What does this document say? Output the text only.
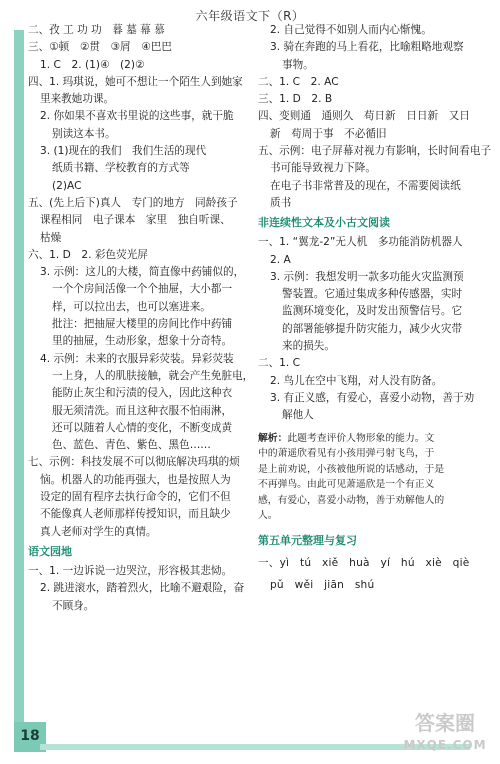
六年级语文下（R）
二、孜 工 功 功　暮 墓 幕 慕
三、①顿　②贯　③屑　④巴巴
1. C　2. (1)④　(2)②
四、1. 玛琪说，她可不想让一个陌生人到她家
里来教她功课。
2. 你如果不喜欢书里说的这些事，就干脆
别读这本书。
3. (1)现在的我们　我们生活的现代
纸质书籍、学校教育的方式等
(2)AC
五、(先上后下)真人　专门的地方　同龄孩子
课程相同　电子课本　家里　独自听课、
枯燥
六、1. D　2. 彩色荧光屏
3. 示例：这儿的大楼，简直像中药铺似的，
一个个房间活像一个个抽屉，大小都一
样，可以拉出去，也可以塞进来。
批注：把抽屉大楼里的房间比作中药铺
里的抽屉，生动形象，想象十分奇特。
4. 示例：未来的衣服异彩荧装。异彩荧装
一上身，人的肌肤接触，就会产生免脏电，
能防止灰尘和污渍的侵入，因此这种衣
服无须清洗。而且这种衣服不怕雨淋，
还可以随着人心情的变化，不断变成黄
色、蓝色、青色、紫色、黑色……
七、示例：科技发展不可以彻底解决玛琪的烦
恼。机器人的功能再强大，也是按照人为
设定的固有程序去执行命令的，它们不但
不能像真人老师那样传授知识，而且缺少
真人老师对学生的真情。
语文园地
一、1. 一边诉说一边哭泣，形容极其悲恸。
2. 跳进滚水，踏着烈火，比喻不避艰险，奋
不顾身。
2. 自己觉得不如别人而内心惭愧。
3. 骑在奔跑的马上看花，比喻粗略地观察
事物。
二、1. C　2. AC
三、1. D　2. B
四、变则通　通则久　苟日新　日日新　又日
新　苟周于事　不必循旧
五、示例：电子屏幕对视力有影响，长时间看电子
书可能导致视力下降。
在电子书非常普及的现在，不需要阅读纸
质书
非连续性文本及小古文阅读
一、1. “翼龙-2”无人机　多功能消防机器人
2. A
3. 示例：我想发明一款多功能火灾监测预
警装置。它通过集成多种传感器，实时
监测环境变化，及时发出预警信号。它
的部署能够提升防灾能力，减少火灾带
来的损失。
二、1. C
2. 鸟儿在空中飞翔，对人没有防备。
3. 有正义感，有爱心，喜爱小动物，善于劝
解他人
解析：此题考查评价人物形象的能力。文
中的萧遥欣看见有小孩用弹弓射飞鸟，于
是上前劝说，小孩被他所说的话感动，于是
不再弹鸟。由此可见萧遥欣是一个有正义
感，有爱心，喜爱小动物，善于劝解他人的
人。
第五单元整理与复习
一、yì　tú　xiě　huà　yí　hú　xiè　qiè
pǔ　wěi　jiān　shú
18
答案圈
MXQE.COM
